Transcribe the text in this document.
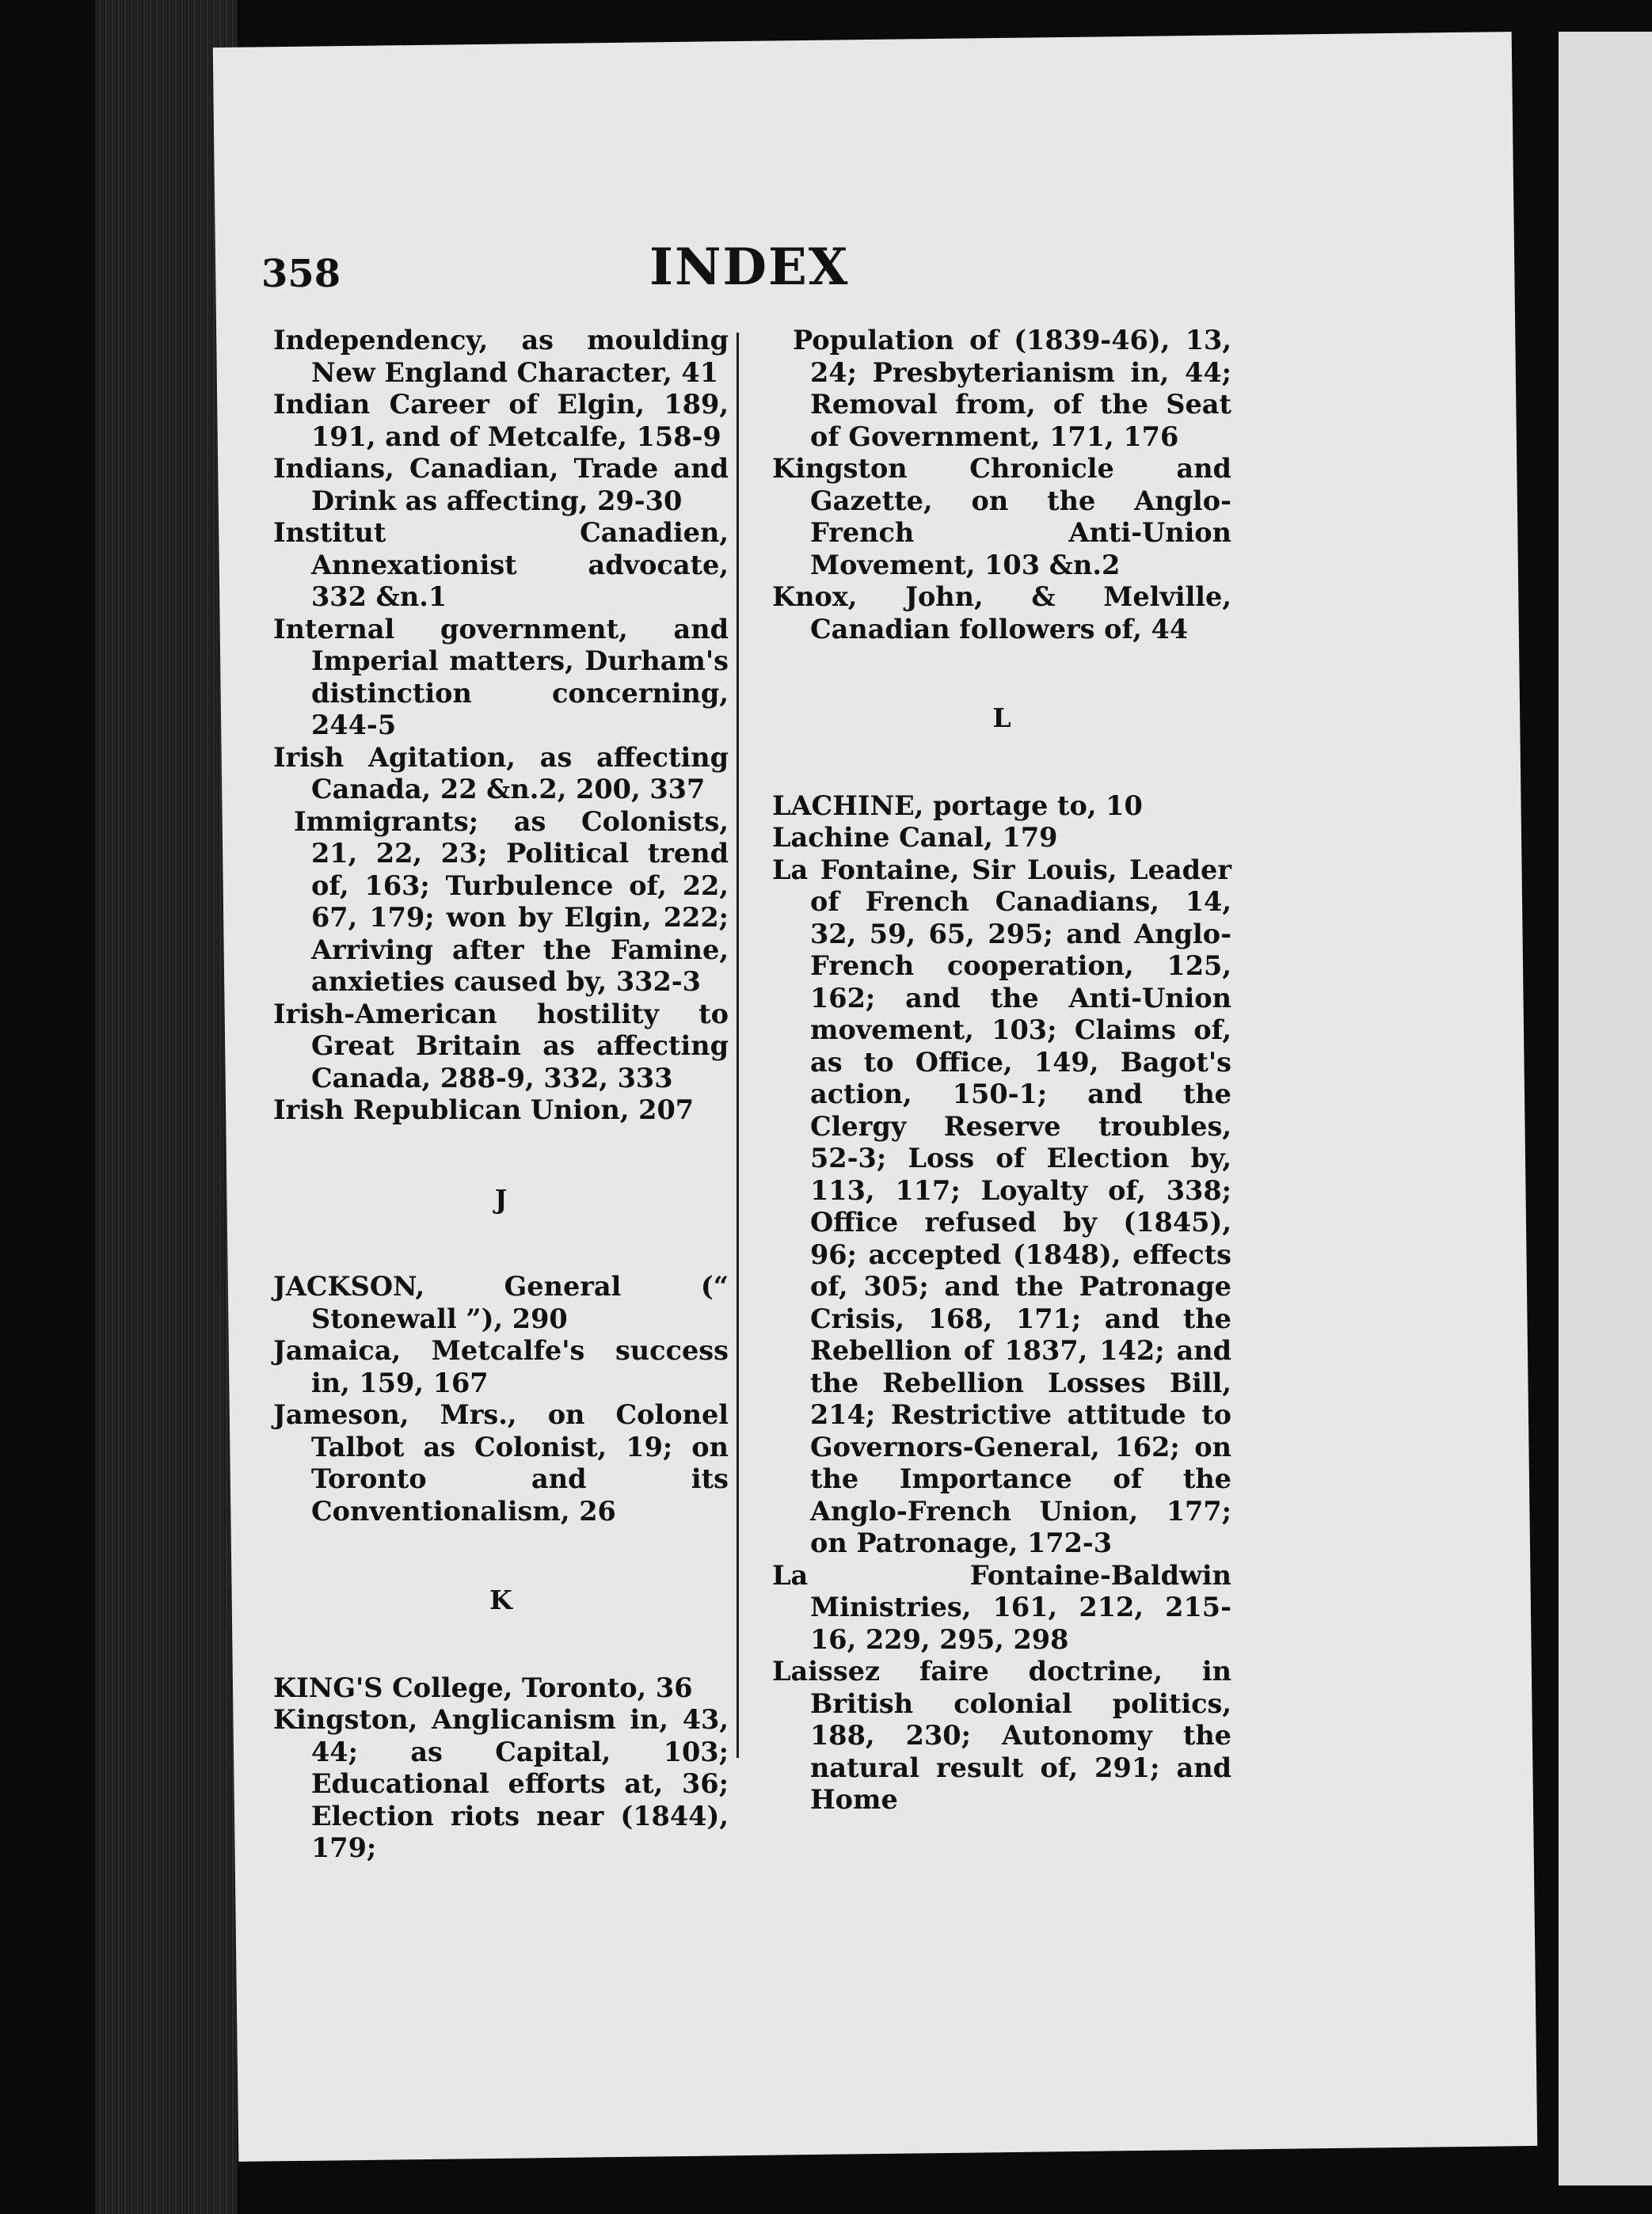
358	INDEX

Independency, as moulding New England Character, 41

Indian Career of Elgin, 189, 191, and of Metcalfe, 158-9

Indians, Canadian, Trade and Drink as affecting, 29-30

Institut Canadien, Annexationist advocate, 332 &n.1

Internal government, and Imperial matters, Durham's distinction concerning, 244-5

Irish Agitation, as affecting Canada, 22 &n.2, 200, 337

Immigrants; as Colonists, 21, 22, 23; Political trend of, 163; Turbulence of, 22, 67, 179; won by Elgin, 222; Arriving after the Famine, anxieties caused by, 332-3

Irish-American hostility to Great Britain as affecting Canada, 288-9, 332, 333

Irish Republican Union, 207

J

JACKSON, General (“ Stonewall ”), 290

Jamaica, Metcalfe's success in, 159, 167

Jameson, Mrs., on Colonel Talbot as Colonist, 19; on Toronto and its Conventionalism, 26

K

KING'S College, Toronto, 36

Kingston, Anglicanism in, 43, 44; as Capital, 103; Educational efforts at, 36; Election riots near (1844), 179;

Population of (1839-46), 13, 24; Presbyterianism in, 44; Removal from, of the Seat of Government, 171, 176

Kingston Chronicle and Gazette, on the Anglo-French Anti-Union Movement, 103 &n.2

Knox, John, & Melville, Canadian followers of, 44

L

LACHINE, portage to, 10

Lachine Canal, 179

La Fontaine, Sir Louis, Leader of French Canadians, 14, 32, 59, 65, 295; and Anglo-French cooperation, 125, 162; and the Anti-Union movement, 103; Claims of, as to Office, 149, Bagot's action, 150-1; and the Clergy Reserve troubles, 52-3; Loss of Election by, 113, 117; Loyalty of, 338; Office refused by (1845), 96; accepted (1848), effects of, 305; and the Patronage Crisis, 168, 171; and the Rebellion of 1837, 142; and the Rebellion Losses Bill, 214; Restrictive attitude to Governors-General, 162; on the Importance of the Anglo-French Union, 177; on Patronage, 172-3

La Fontaine-Baldwin Ministries, 161, 212, 215-16, 229, 295, 298

Laissez faire doctrine, in British colonial politics, 188, 230; Autonomy the natural result of, 291; and Home
